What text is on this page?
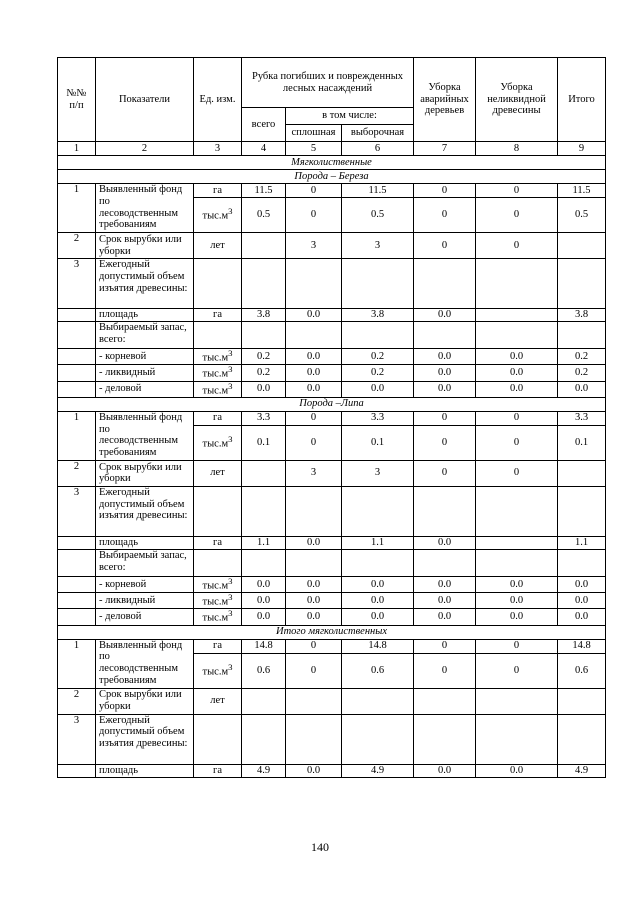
№№ п/п	Показатели	Ед. изм.	Рубка погибших и поврежденных лесных насаждений			Уборка аварийных деревьев	Уборка неликвидной древесины	Итого
			всего	в том числе:				
				сплошная	выборочная			
1	2	3	4	5	6	7	8	9
Мягколиственные								
Порода – Береза								
1	Выявленный фонд по лесоводственным требованиям	га	11.5	0	11.5	0	0	11.5
		$тыс.м^3$	0.5	0	0.5	0	0	0.5
2	Срок вырубки или уборки	лет		3	3	0	0	
3	Ежегодный допустимый объем изъятия древесины:							
	площадь	га	3.8	0.0	3.8	0.0		3.8
	Выбираемый запас, всего:							
	- корневой	$тыс.м^3$	0.2	0.0	0.2	0.0	0.0	0.2
	- ликвидный	$тыс.м^3$	0.2	0.0	0.2	0.0	0.0	0.2
	- деловой	$тыс.м^3$	0.0	0.0	0.0	0.0	0.0	0.0
Порода –Липа								
1	Выявленный фонд по лесоводственным требованиям	га	3.3	0	3.3	0	0	3.3
		$тыс.м^3$	0.1	0	0.1	0	0	0.1
2	Срок вырубки или уборки	лет		3	3	0	0	
3	Ежегодный допустимый объем изъятия древесины:							
	площадь	га	1.1	0.0	1.1	0.0		1.1
	Выбираемый запас, всего:							
	- корневой	$тыс.м^3$	0.0	0.0	0.0	0.0	0.0	0.0
	- ликвидный	$тыс.м^3$	0.0	0.0	0.0	0.0	0.0	0.0
	- деловой	$тыс.м^3$	0.0	0.0	0.0	0.0	0.0	0.0
Итого мягколиственных								
1	Выявленный фонд по лесоводственным требованиям	га	14.8	0	14.8	0	0	14.8
		$тыс.м^3$	0.6	0	0.6	0	0	0.6
2	Срок вырубки или уборки	лет						
3	Ежегодный допустимый объем изъятия древесины:							
	площадь	га	4.9	0.0	4.9	0.0	0.0	4.9
140
